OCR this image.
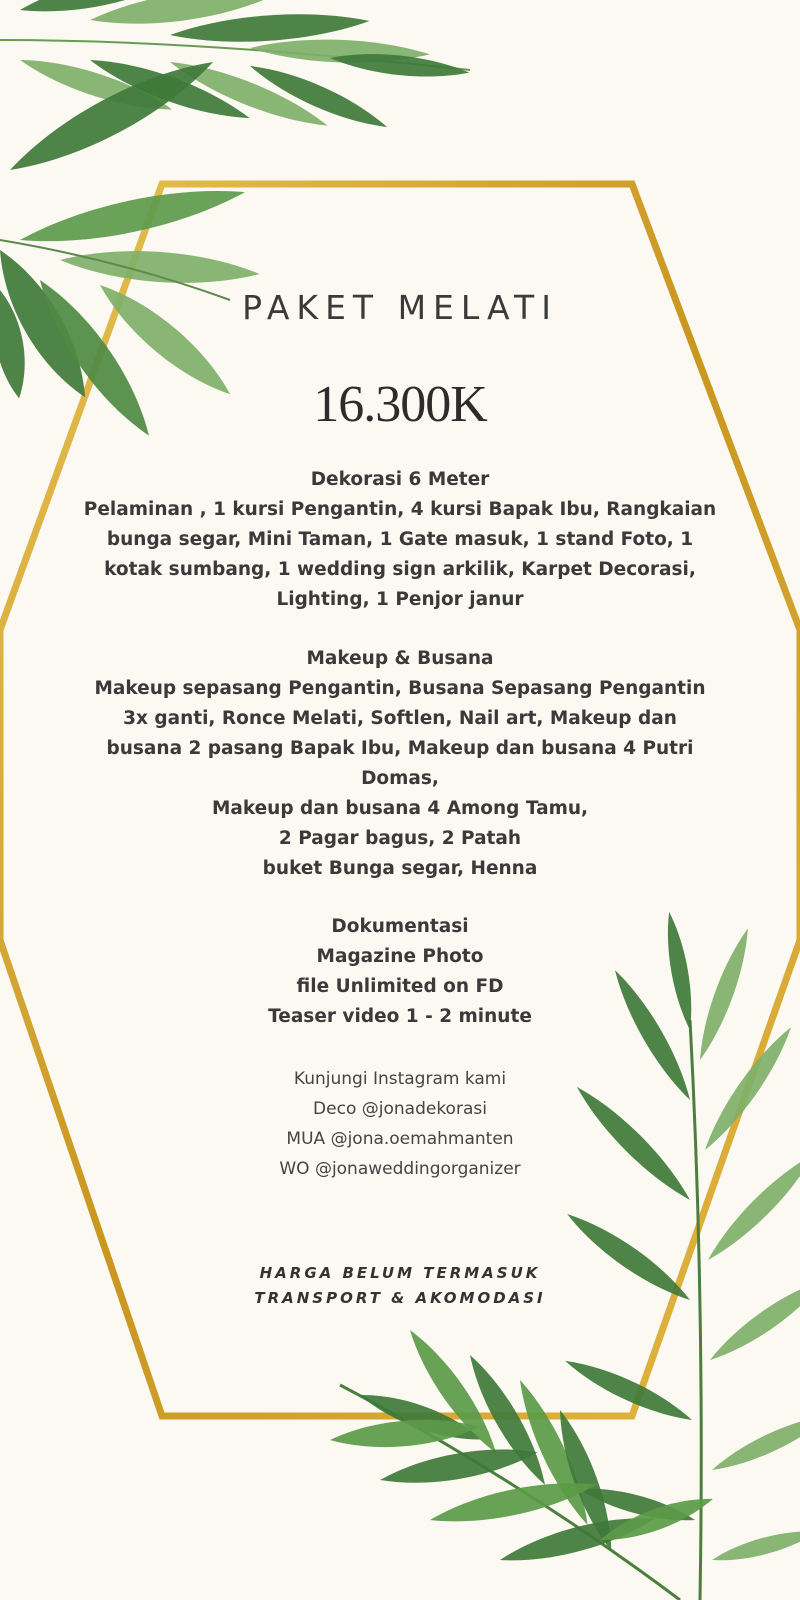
PAKET MELATI
16.300K
Dekorasi 6 Meter
Pelaminan , 1 kursi Pengantin, 4 kursi Bapak Ibu, Rangkaian
bunga segar, Mini Taman, 1 Gate masuk, 1 stand Foto, 1
kotak sumbang, 1 wedding sign arkilik, Karpet Decorasi,
Lighting, 1 Penjor janur
Makeup & Busana
Makeup sepasang Pengantin, Busana Sepasang Pengantin
3x ganti, Ronce Melati, Softlen, Nail art, Makeup dan
busana 2 pasang Bapak Ibu, Makeup dan busana 4 Putri
Domas,
Makeup dan busana 4 Among Tamu,
2 Pagar bagus, 2 Patah
buket Bunga segar, Henna
Dokumentasi
Magazine Photo
file Unlimited on FD
Teaser video 1 - 2 minute
Kunjungi Instagram kami
Deco @jonadekorasi
MUA @jona.oemahmanten
WO @jonaweddingorganizer
HARGA BELUM TERMASUK
TRANSPORT & AKOMODASI
